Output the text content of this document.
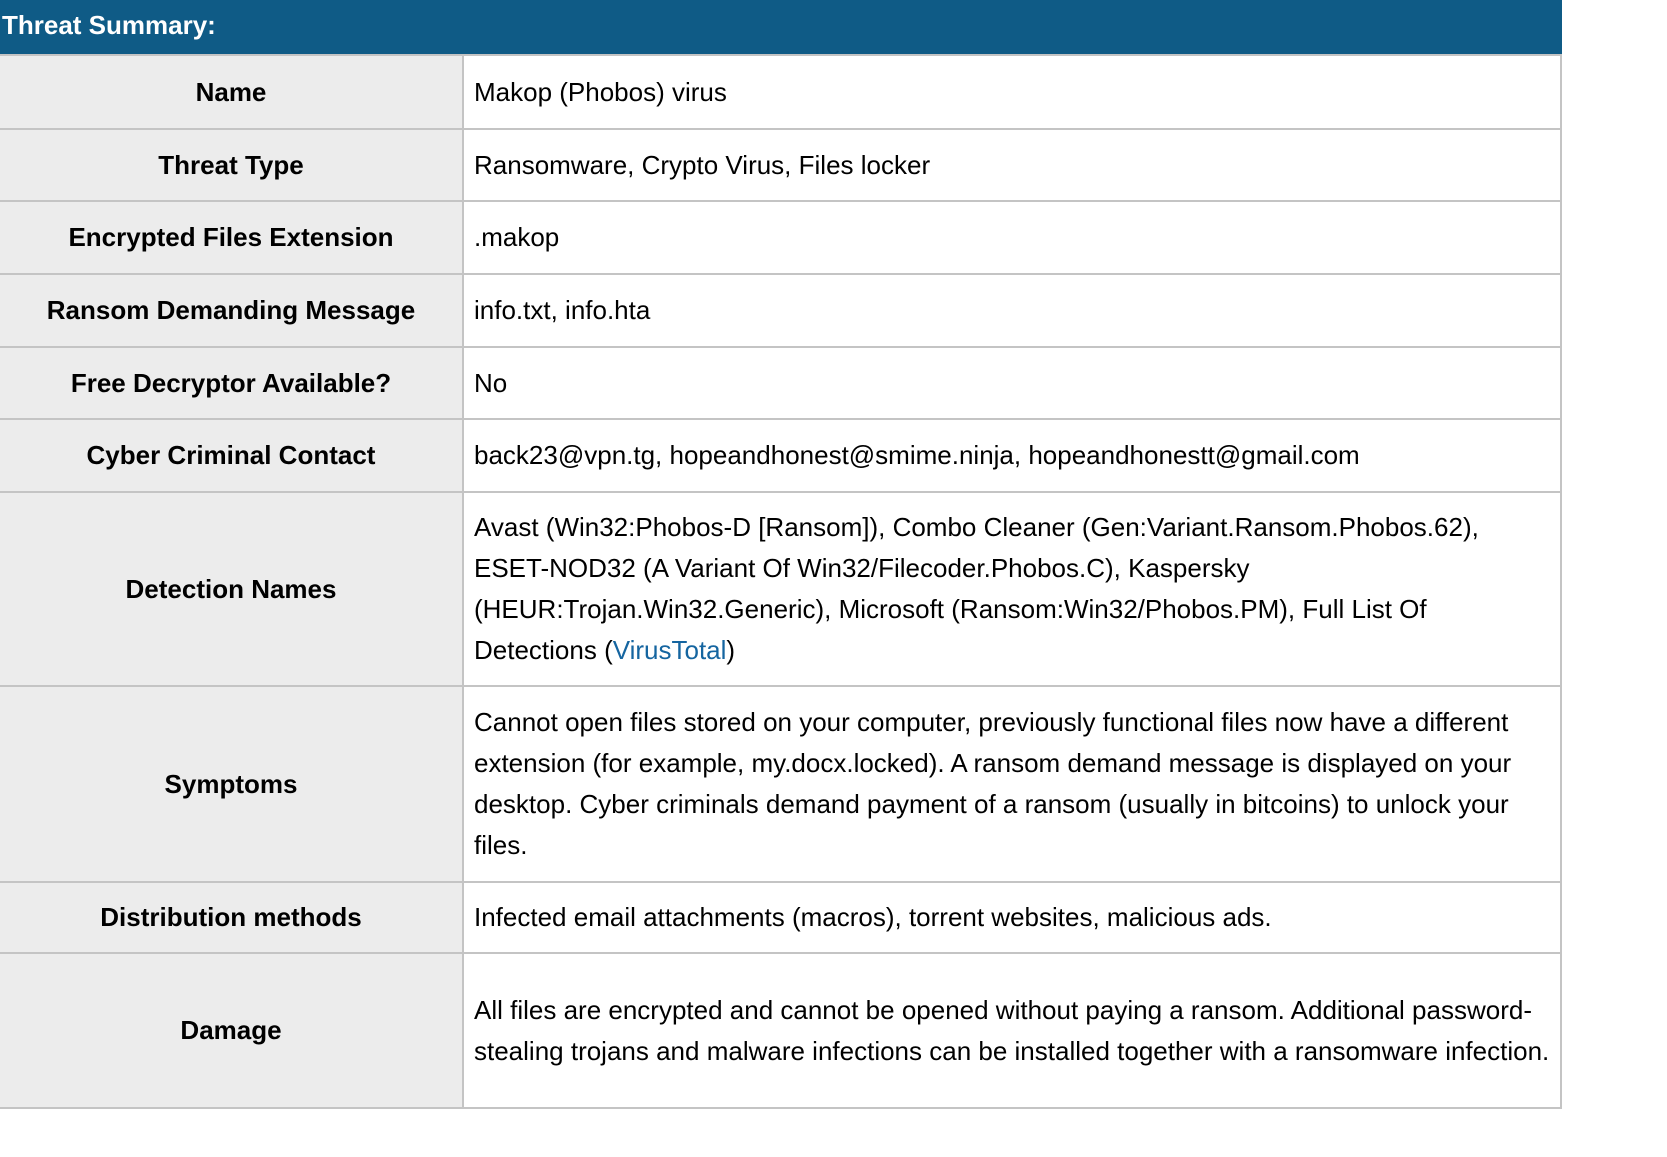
Threat Summary:
Name	Makop (Phobos) virus
Threat Type	Ransomware, Crypto Virus, Files locker
Encrypted Files Extension	.makop
Ransom Demanding Message	info.txt, info.hta
Free Decryptor Available?	No
Cyber Criminal Contact	back23@vpn.tg, hopeandhonest@smime.ninja, hopeandhonestt@gmail.com
Detection Names	Avast (Win32:Phobos-D [Ransom]), Combo Cleaner (Gen:Variant.Ransom.Phobos.62), ESET-NOD32 (A Variant Of Win32/Filecoder.Phobos.C), Kaspersky (HEUR:Trojan.Win32.Generic), Microsoft (Ransom:Win32/Phobos.PM), Full List Of Detections (VirusTotal)
Symptoms	Cannot open files stored on your computer, previously functional files now have a different extension (for example, my.docx.locked). A ransom demand message is displayed on your desktop. Cyber criminals demand payment of a ransom (usually in bitcoins) to unlock your files.
Distribution methods	Infected email attachments (macros), torrent websites, malicious ads.
Damage	All files are encrypted and cannot be opened without paying a ransom. Additional password-stealing trojans and malware infections can be installed together with a ransomware infection.
